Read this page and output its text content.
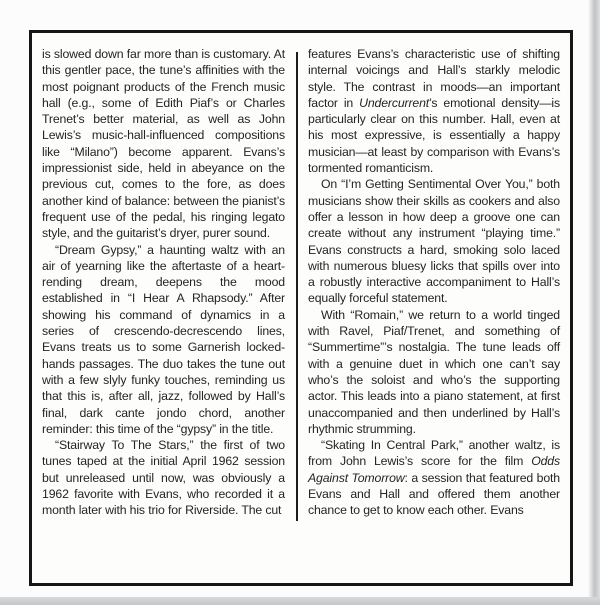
is slowed down far more than is customary. At this gentler pace, the tune’s affinities with the most poignant products of the French music hall (e.g., some of Edith Piaf’s or Charles Trenet’s better material, as well as John Lewis’s music-hall-influenced compositions like “Milano”) become apparent. Evans’s impressionist side, held in abeyance on the previous cut, comes to the fore, as does another kind of balance: between the pianist’s frequent use of the pedal, his ringing legato style, and the guitarist’s dryer, purer sound.

“Dream Gypsy,” a haunting waltz with an air of yearning like the aftertaste of a heart-rending dream, deepens the mood established in “I Hear A Rhapsody.” After showing his command of dynamics in a series of crescendo-decrescendo lines, Evans treats us to some Garnerish locked-hands passages. The duo takes the tune out with a few slyly funky touches, reminding us that this is, after all, jazz, followed by Hall’s final, dark cante jondo chord, another reminder: this time of the “gypsy” in the title.

“Stairway To The Stars,” the first of two tunes taped at the initial April 1962 session but unreleased until now, was obviously a 1962 favorite with Evans, who recorded it a month later with his trio for Riverside. The cut

features Evans’s characteristic use of shifting internal voicings and Hall’s starkly melodic style. The contrast in moods—an important factor in Undercurrent’s emotional density—is particularly clear on this number. Hall, even at his most expressive, is essentially a happy musician—at least by comparison with Evans’s tormented romanticism.

On “I’m Getting Sentimental Over You,” both musicians show their skills as cookers and also offer a lesson in how deep a groove one can create without any instrument “playing time.” Evans constructs a hard, smoking solo laced with numerous bluesy licks that spills over into a robustly interactive accompaniment to Hall’s equally forceful statement.

With “Romain,” we return to a world tinged with Ravel, Piaf/Trenet, and something of “Summertime”’s nostalgia. The tune leads off with a genuine duet in which one can’t say who’s the soloist and who’s the supporting actor. This leads into a piano statement, at first unaccompanied and then underlined by Hall’s rhythmic strumming.

“Skating In Central Park,” another waltz, is from John Lewis’s score for the film Odds Against Tomorrow: a session that featured both Evans and Hall and offered them another chance to get to know each other. Evans
